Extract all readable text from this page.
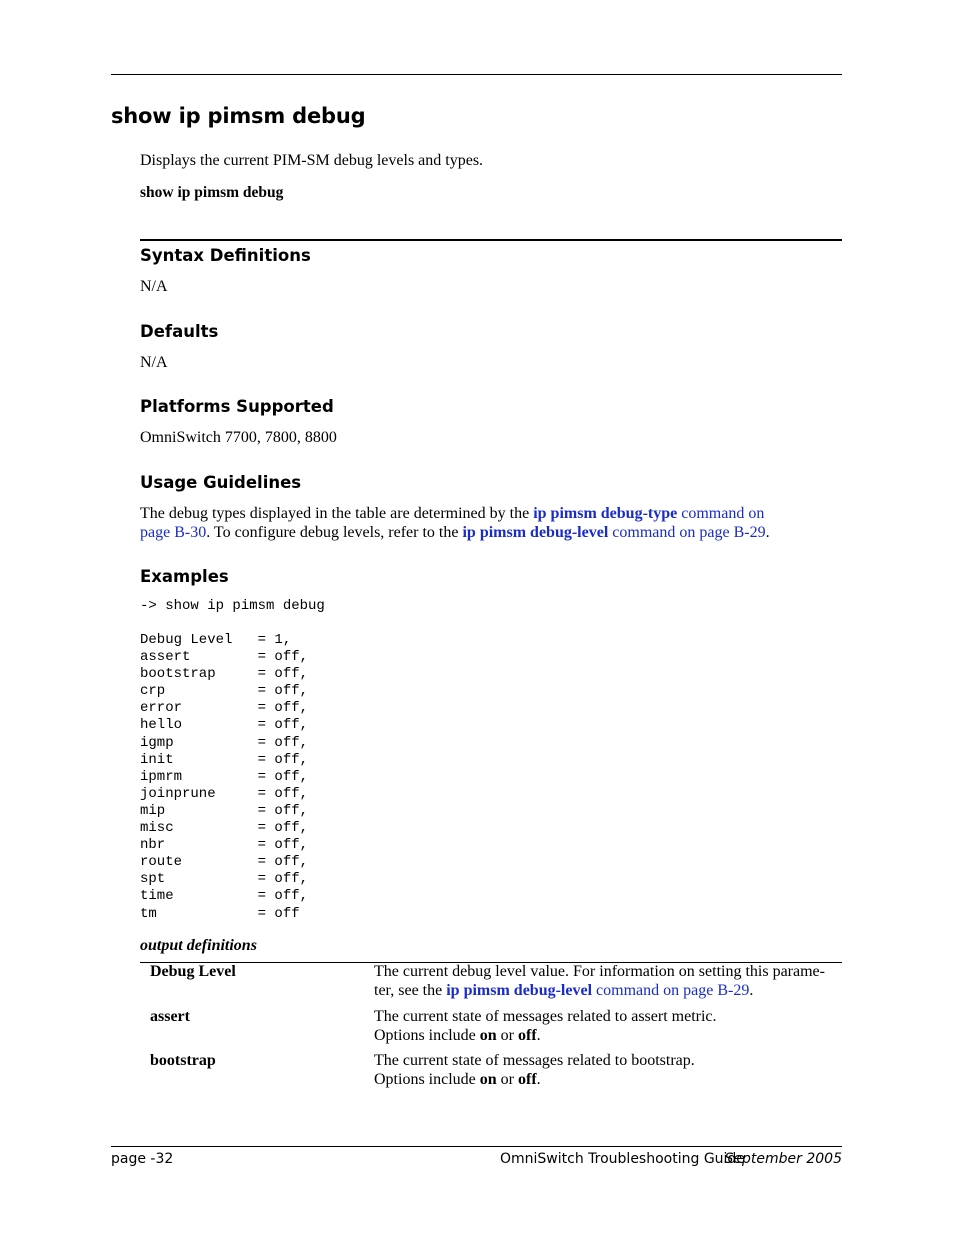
show ip pimsm debug
Displays the current PIM-SM debug levels and types.
show ip pimsm debug
Syntax Definitions
N/A
Defaults
N/A
Platforms Supported
OmniSwitch 7700, 7800, 8800
Usage Guidelines
The debug types displayed in the table are determined by the ip pimsm debug-type command on
page B-30. To configure debug levels, refer to the ip pimsm debug-level command on page B-29.
Examples
-> show ip pimsm debug
Debug Level   = 1,
assert        = off,
bootstrap     = off,
crp           = off,
error         = off,
hello         = off,
igmp          = off,
init          = off,
ipmrm         = off,
joinprune     = off,
mip           = off,
misc          = off,
nbr           = off,
route         = off,
spt           = off,
time          = off,
tm            = off
output definitions
Debug Level	The current debug level value. For information on setting this parame-
ter, see the ip pimsm debug-level command on page B-29.
assert	The current state of messages related to assert metric.
Options include on or off.
bootstrap	The current state of messages related to bootstrap.
Options include on or off.
page -32	OmniSwitch Troubleshooting Guide
September 2005
